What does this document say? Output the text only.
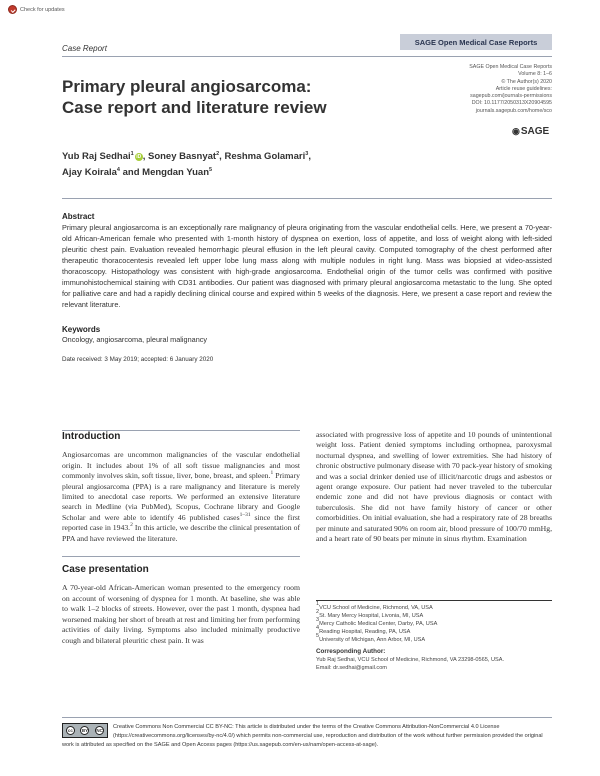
Check for updates
Case Report
SAGE Open Medical Case Reports
Primary pleural angiosarcoma:
Case report and literature review
SAGE Open Medical Case Reports
Volume 8: 1–6
© The Author(s) 2020
Article reuse guidelines:
sagepub.com/journals-permissions
DOI: 10.1177/2050313X20904595
journals.sagepub.com/home/sco
◉ SAGE
Yub Raj Sedhai$^1$ iD , Soney Basnyat$^2$, Reshma Golamari$^3$,
Ajay Koirala$^4$ and Mengdan Yuan$^5$
Abstract
Primary pleural angiosarcoma is an exceptionally rare malignancy of pleura originating from the vascular endothelial cells. Here, we present a 70-year-old African-American female who presented with 1-month history of dyspnea on exertion, loss of appetite, and loss of weight along with left-sided pleuritic chest pain. Evaluation revealed hemorrhagic pleural effusion in the left pleural cavity. Computed tomography of the chest performed after therapeutic thoracocentesis revealed left upper lobe lung mass along with multiple nodules in right lung. Mass was biopsied at video-assisted thoracoscopy. Histopathology was consistent with high-grade angiosarcoma. Endothelial origin of the tumor cells was confirmed with positive immunohistochemical staining with CD31 antibodies. Our patient was diagnosed with primary pleural angiosarcoma metastatic to the lung. She opted for palliative care and had a rapidly declining clinical course and expired within 5 weeks of the diagnosis. Here, we present a case report and review the relevant literature.
Keywords
Oncology, angiosarcoma, pleural malignancy
Date received: 3 May 2019; accepted: 6 January 2020
Introduction

Angiosarcomas are uncommon malignancies of the vascular endothelial origin. It includes about 1% of all soft tissue malignancies and most commonly involves skin, soft tissue, liver, bone, breast, and spleen.$^1$ Primary pleural angiosarcoma (PPA) is a rare malignancy and literature is merely limited to anecdotal case reports. We performed an extensive literature search in Medline (via PubMed), Scopus, Cochrane library and Google Scholar and were able to identify 46 published cases$^{1-31}$ since the first reported case in 1943.$^2$ In this article, we describe the clinical presentation of PPA and have reviewed the literature.

Case presentation

A 70-year-old African-American woman presented to the emergency room on account of worsening of dyspnea for 1 month. At baseline, she was able to walk 1–2 blocks of streets. However, over the past 1 month, dyspnea had worsened making her short of breath at rest and limiting her from performing activities of daily living. Symptoms also included minimally productive cough and bilateral pleuritic chest pain. It was

associated with progressive loss of appetite and 10 pounds of unintentional weight loss. Patient denied symptoms including orthopnea, paroxysmal nocturnal dyspnea, and swelling of lower extremities. She had history of chronic obstructive pulmonary disease with 70 pack-year history of smoking and was a social drinker denied use of illicit/narcotic drugs and asbestos or agent orange exposure. Our patient had never traveled to the tubercular endemic zone and did not have previous diagnosis or contact with tuberculosis. She did not have family history of cancer or other comorbidities. On initial evaluation, she had a respiratory rate of 28 breaths per minute and saturated 90% on room air, blood pressure of 100/70 mmHg, and a heart rate of 90 beats per minute in sinus rhythm. Examination

$^1$VCU School of Medicine, Richmond, VA, USA
$^2$St. Mary Mercy Hospital, Livonia, MI, USA
$^3$Mercy Catholic Medical Center, Darby, PA, USA
$^4$Reading Hospital, Reading, PA, USA
$^5$University of Michigan, Ann Arbor, MI, USA
Corresponding Author:
Yub Raj Sedhai, VCU School of Medicine, Richmond, VA 23298-0565, USA.
Email: dr.sedhai@gmail.com
cc	BY	NC
Creative Commons Non Commercial CC BY-NC: This article is distributed under the terms of the Creative Commons Attribution-NonCommercial 4.0 License (https://creativecommons.org/licenses/by-nc/4.0/) which permits non-commercial use, reproduction and distribution of the work without further permission provided the original work is attributed as specified on the SAGE and Open Access pages (https://us.sagepub.com/en-us/nam/open-access-at-sage).
